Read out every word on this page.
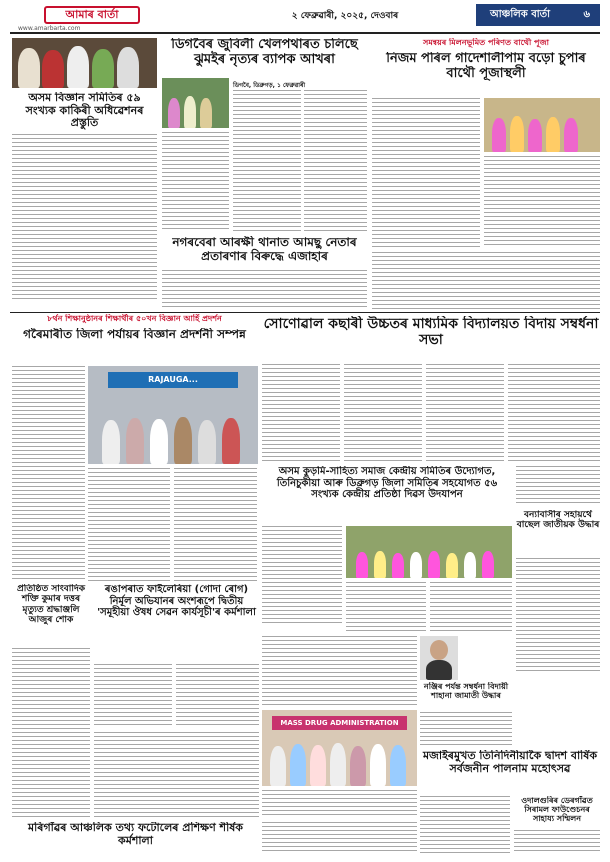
আমাৰ বাৰ্তা
www.amarbarta.com
২ ফেব্ৰুৱাৰী, ২০২৫, দেওবাৰ	আঞ্চলিক বাৰ্তা	৬
অসম বিজ্ঞান সমিতিৰ ৫৯ সংখ্যক কাকিৰী অধিৱেশনৰ প্ৰস্তুতি
ডিগবৈৰ জুবিলী খেলপথাৰত চলিছে ঝুমইৰ নৃত্যৰ ব্যাপক আখৰা
ডিগবৈ, ডিব্ৰুগড়, ১ ফেব্ৰুৱাৰী
সমন্বয়ৰ মিলনভূমিত পৰিণত বাথৌ পূজা
নিজম পৰিল গাদেশালীপাম বড়ো চুপাৰ বাথৌ পূজাস্থলী
নগৰবেৰা আৰক্ষী থানাত আমছু নেতাৰ প্ৰতাৰণাৰ বিৰুদ্ধে এজাহাৰ
৮ৰ্থন শিক্ষানুষ্ঠানৰ শিক্ষাৰ্থীৰ ৫০খন বিজ্ঞান আৰ্হি প্ৰদৰ্শন
গৰৈমাৰীত জিলা পৰ্যায়ৰ বিজ্ঞান প্ৰদৰ্শনী সম্পন্ন
RAJAUGA...
সোণোৱাল কছাৰী উচ্চতৰ মাধ্যমিক বিদ্যালয়ত বিদায় সম্বৰ্ধনা সভা
অসম কুড়মি-সাহিত্য সমাজ কেন্দ্ৰীয় সমিতিৰ উদ্যোগত, তিনিচুকীয়া আৰু ডিব্ৰুগড় জিলা সমিতিৰ সহযোগত ৫৬ সংখ্যক কেন্দ্ৰীয় প্ৰতিষ্ঠা দিৱস উদযাপন
বন্যাবাসীৰ সহায়ৰ্থে বাছেল জাতীয়ক উদ্ধাৰ
প্ৰতিষ্ঠিত সাংবাদিক শক্তি কুমাৰ দত্তৰ মৃত্যুত শ্ৰদ্ধাঞ্জলি আজুৰ শোক
ৰঙাপৰাত ফাইলেৰিয়া (গোদা ৰোগ) নিৰ্মূল অভিযানৰ অংশৰূপে দ্বিতীয় 'সমূহীয়া ঔষধ সেৱন কাৰ্যসূচী'ৰ কৰ্মশালা
MASS DRUG ADMINISTRATION
নঞ্জিৰ পৰ্যন্ত সম্বৰ্ধনা বিদায়ী শাহানা জামাতী উদ্ধাৰ
মৰিগাঁৱৰ আঞ্চলিক তথ্য ফটোলেৰ প্ৰশিক্ষণ শীৰ্ষক কৰ্মশালা
মজাইৰমুখত তিনিদিনীয়াকৈ দ্বাদশ বাৰ্ষিক সৰ্বজনীন পালনাম মহোৎসৱ
ওদালগুৰিৰ ডেৰগাঁৱত সিৰামল ফাউণ্ডেচনৰ সাহায্য সম্মিলন
